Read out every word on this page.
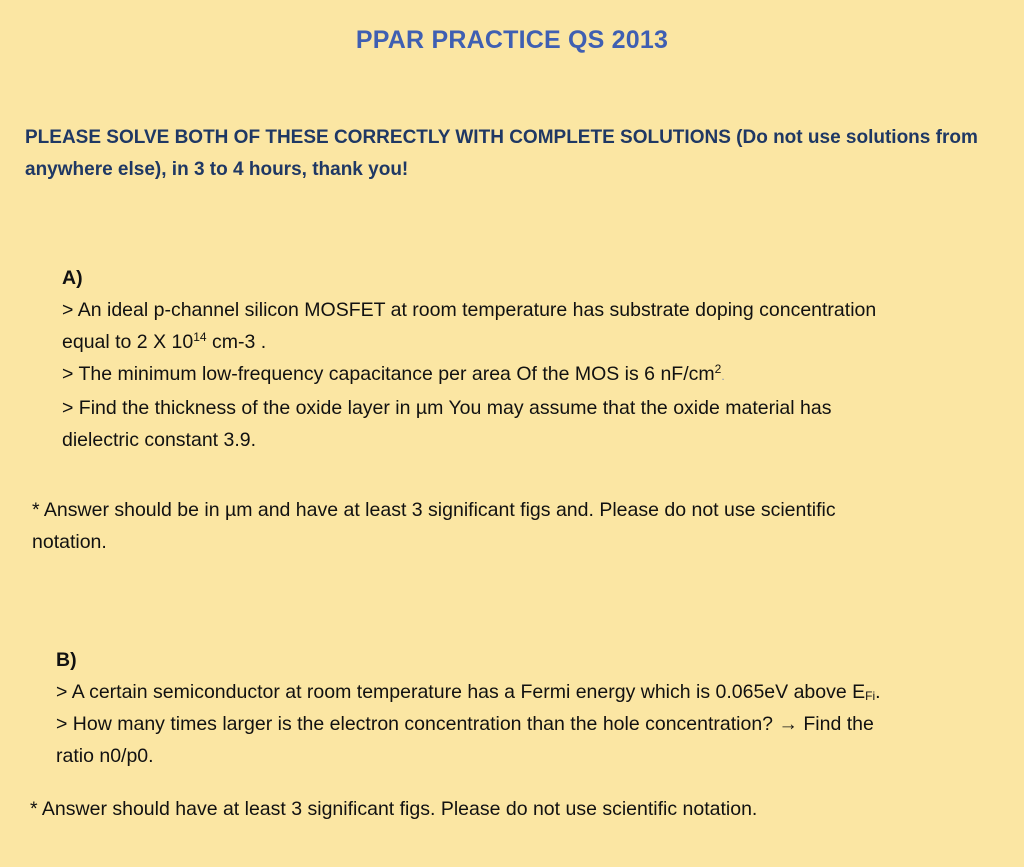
PPAR PRACTICE QS 2013
PLEASE SOLVE BOTH OF THESE CORRECTLY WITH COMPLETE SOLUTIONS (Do not use solutions from anywhere else), in 3 to 4 hours, thank you!
A)
> An ideal p-channel silicon MOSFET at room temperature has substrate doping concentration
equal to 2 X $10^{14}$ cm-3 .
> The minimum low-frequency capacitance per area Of the MOS is 6 $nF/cm^2$.
> Find the thickness of the oxide layer in µm You may assume that the oxide material has
dielectric constant 3.9.
* Answer should be in µm and have at least 3 significant figs and. Please do not use scientific
notation.
B)
> A certain semiconductor at room temperature has a Fermi energy which is 0.065eV above $E_{Fi}$.
> How many times larger is the electron concentration than the hole concentration? → Find the
ratio n0/p0.
* Answer should have at least 3 significant figs. Please do not use scientific notation.
